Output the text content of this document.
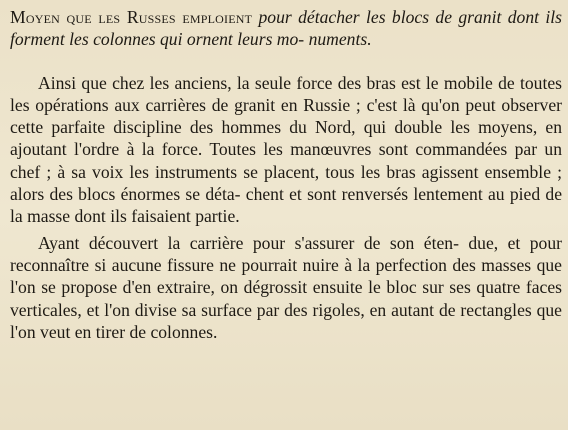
Moyen que les Russes emploient pour détacher les blocs de granit dont ils forment les colonnes qui ornent leurs mo- numents.

Ainsi que chez les anciens, la seule force des bras est le mobile de toutes les opérations aux carrières de granit en Russie ; c'est là qu'on peut observer cette parfaite discipline des hommes du Nord, qui double les moyens, en ajoutant l'ordre à la force. Toutes les manœuvres sont commandées par un chef ; à sa voix les instruments se placent, tous les bras agissent ensemble ; alors des blocs énormes se déta- chent et sont renversés lentement au pied de la masse dont ils faisaient partie.

Ayant découvert la carrière pour s'assurer de son éten- due, et pour reconnaître si aucune fissure ne pourrait nuire à la perfection des masses que l'on se propose d'en extraire, on dégrossit ensuite le bloc sur ses quatre faces verticales, et l'on divise sa surface par des rigoles, en autant de rectangles que l'on veut en tirer de colonnes.
